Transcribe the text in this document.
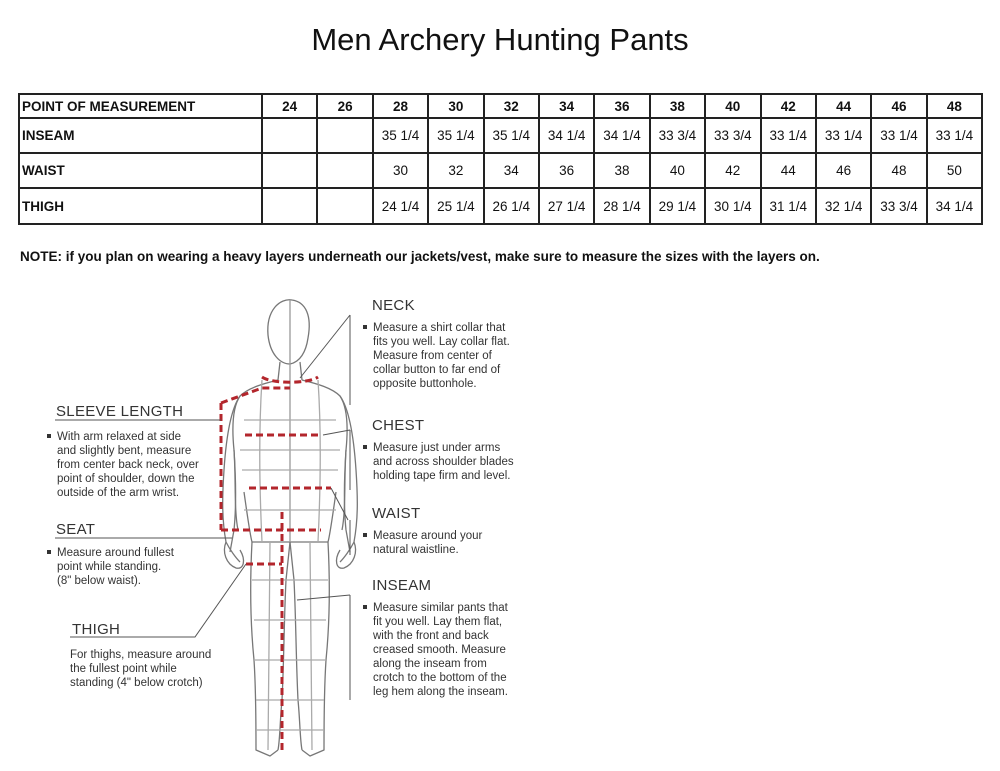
Men Archery Hunting Pants
POINT OF MEASUREMENT	24	26	28	30	32	34	36	38	40	42	44	46	48
INSEAM			35 1/4	35 1/4	35 1/4	34 1/4	34 1/4	33 3/4	33 3/4	33 1/4	33 1/4	33 1/4	33 1/4
WAIST			30	32	34	36	38	40	42	44	46	48	50
THIGH			24 1/4	25 1/4	26 1/4	27 1/4	28 1/4	29 1/4	30 1/4	31 1/4	32 1/4	33 3/4	34 1/4
NOTE: if you plan on wearing a heavy layers underneath our jackets/vest, make sure to measure the sizes with the layers on.
NECK
Measure a shirt collar that
fits you well. Lay collar flat.
Measure from center of
collar button to far end of
opposite buttonhole.
CHEST
Measure just under arms
and across shoulder blades
holding tape firm and level.
WAIST
Measure around your
natural waistline.
INSEAM
Measure similar pants that
fit you well. Lay them flat,
with the front and back
creased smooth. Measure
along the inseam from
crotch to the bottom of the
leg hem along the inseam.
SLEEVE LENGTH
With arm relaxed at side
and slightly bent, measure
from center back neck, over
point of shoulder, down the
outside of the arm wrist.
SEAT
Measure around fullest
point while standing.
(8" below waist).
THIGH
For thighs, measure around
the fullest point while
standing (4" below crotch)
